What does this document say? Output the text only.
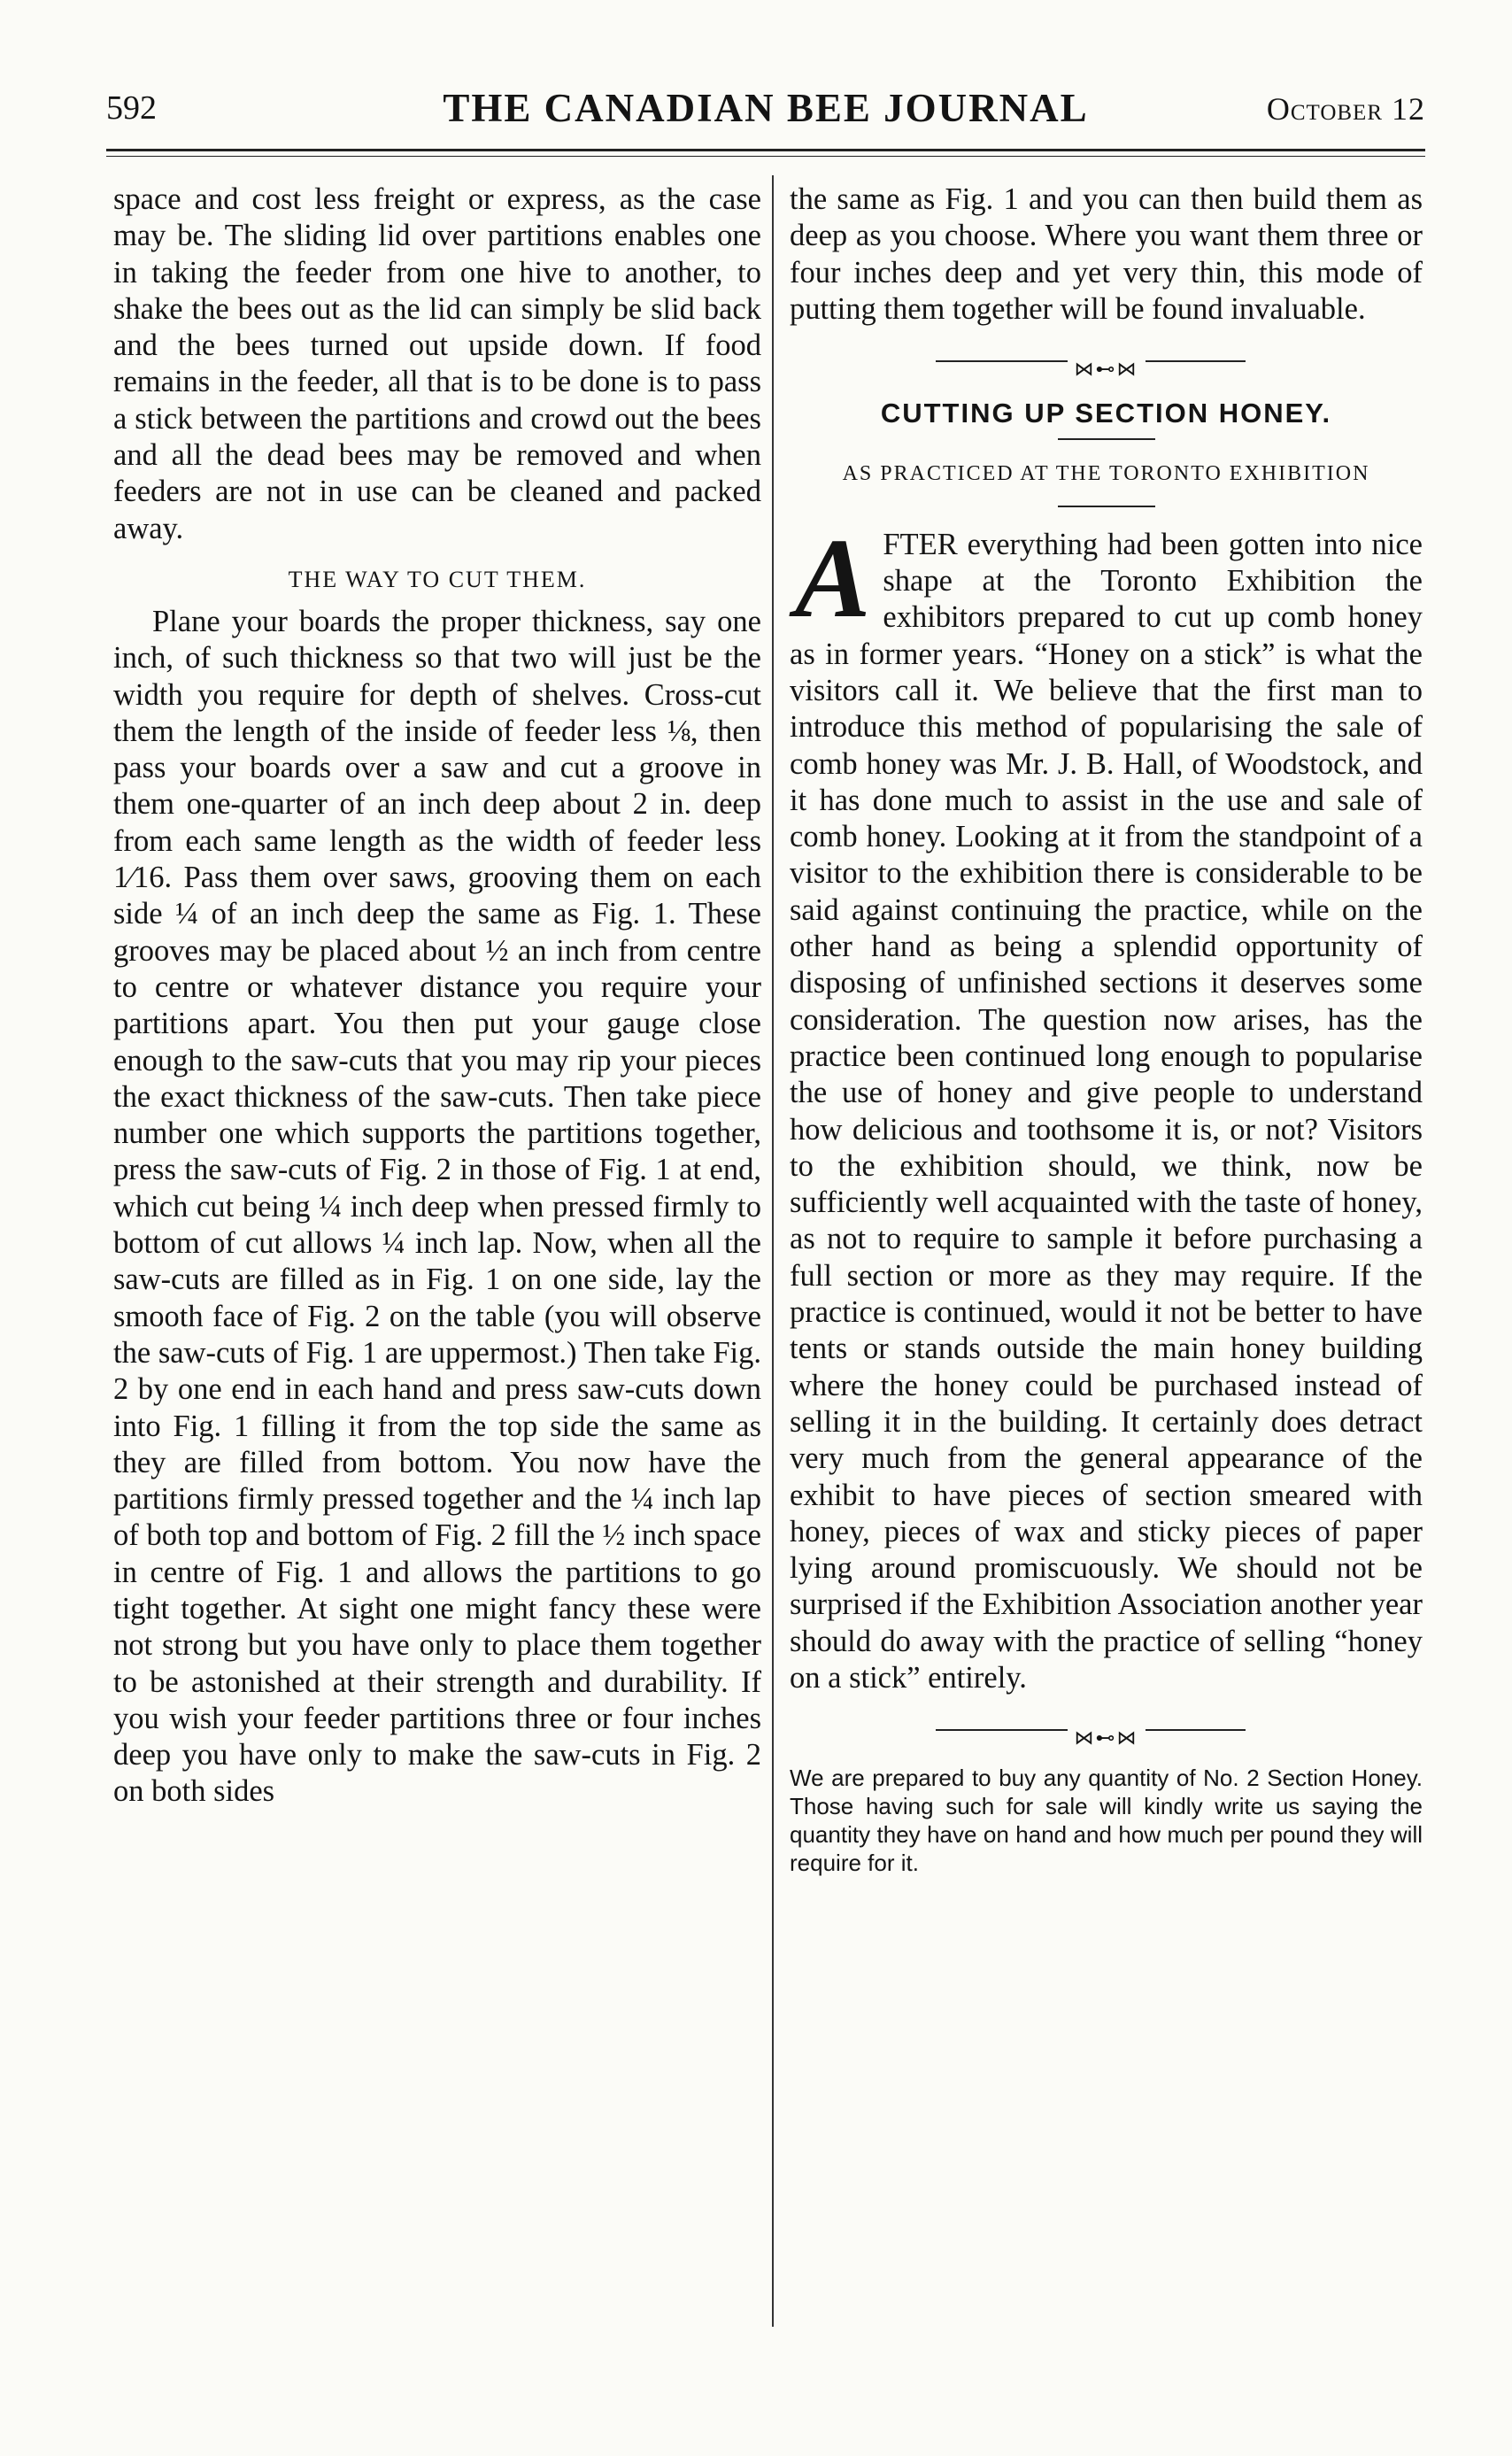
592	THE CANADIAN BEE JOURNAL	October 12

space and cost less freight or express, as the case may be. The sliding lid over partitions enables one in taking the feeder from one hive to another, to shake the bees out as the lid can simply be slid back and the bees turned out upside down. If food remains in the feeder, all that is to be done is to pass a stick between the partitions and crowd out the bees and all the dead bees may be removed and when feeders are not in use can be cleaned and packed away.

THE WAY TO CUT THEM.

Plane your boards the proper thickness, say one inch, of such thickness so that two will just be the width you require for depth of shelves. Cross-cut them the length of the inside of feeder less ⅛, then pass your boards over a saw and cut a groove in them one-quarter of an inch deep about 2 in. deep from each same length as the width of feeder less 1⁄16. Pass them over saws, grooving them on each side ¼ of an inch deep the same as Fig. 1. These grooves may be placed about ½ an inch from centre to centre or whatever distance you require your partitions apart. You then put your gauge close enough to the saw-cuts that you may rip your pieces the exact thickness of the saw-cuts. Then take piece number one which supports the partitions together, press the saw-cuts of Fig. 2 in those of Fig. 1 at end, which cut being ¼ inch deep when pressed firmly to bottom of cut allows ¼ inch lap. Now, when all the saw-cuts are filled as in Fig. 1 on one side, lay the smooth face of Fig. 2 on the table (you will observe the saw-cuts of Fig. 1 are uppermost.) Then take Fig. 2 by one end in each hand and press saw-cuts down into Fig. 1 filling it from the top side the same as they are filled from bottom. You now have the partitions firmly pressed together and the ¼ inch lap of both top and bottom of Fig. 2 fill the ½ inch space in centre of Fig. 1 and allows the partitions to go tight together. At sight one might fancy these were not strong but you have only to place them together to be astonished at their strength and durability. If you wish your feeder partitions three or four inches deep you have only to make the saw-cuts in Fig. 2 on both sides

the same as Fig. 1 and you can then build them as deep as you choose. Where you want them three or four inches deep and yet very thin, this mode of putting them together will be found invaluable.

⋈⊷⋈
CUTTING UP SECTION HONEY.
AS PRACTICED AT THE TORONTO EXHIBITION

AFTER everything had been gotten into nice shape at the Toronto Exhibition the exhibitors prepared to cut up comb honey as in former years. “Honey on a stick” is what the visitors call it. We believe that the first man to introduce this method of popularising the sale of comb honey was Mr. J. B. Hall, of Woodstock, and it has done much to assist in the use and sale of comb honey. Looking at it from the standpoint of a visitor to the exhibition there is considerable to be said against continuing the practice, while on the other hand as being a splendid opportunity of disposing of unfinished sections it deserves some consideration. The question now arises, has the practice been continued long enough to popularise the use of honey and give people to understand how delicious and toothsome it is, or not? Visitors to the exhibition should, we think, now be sufficiently well acquainted with the taste of honey, as not to require to sample it before purchasing a full section or more as they may require. If the practice is continued, would it not be better to have tents or stands outside the main honey building where the honey could be purchased instead of selling it in the building. It certainly does detract very much from the general appearance of the exhibit to have pieces of section smeared with honey, pieces of wax and sticky pieces of paper lying around promiscuously. We should not be surprised if the Exhibition Association another year should do away with the practice of selling “honey on a stick” entirely.

⋈⊷⋈

We are prepared to buy any quantity of No. 2 Section Honey. Those having such for sale will kindly write us saying the quantity they have on hand and how much per pound they will require for it.
